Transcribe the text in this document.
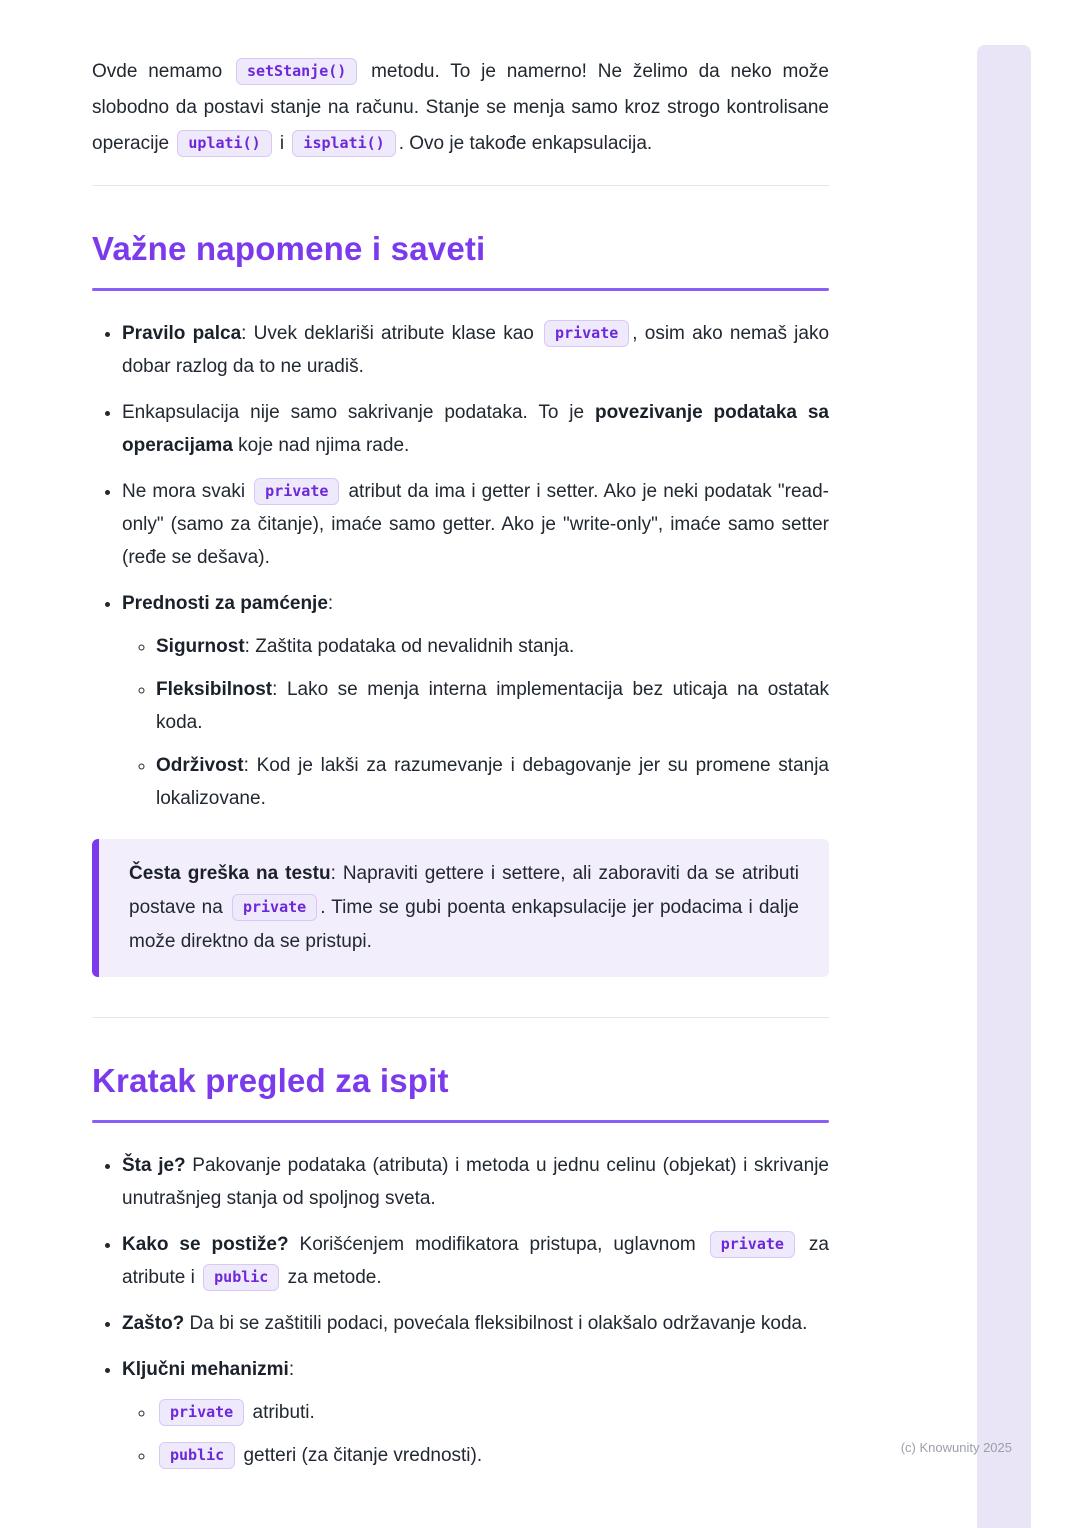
Ovde nemamo setStanje() metodu. To je namerno! Ne želimo da neko može slobodno da postavi stanje na računu. Stanje se menja samo kroz strogo kontrolisane operacije uplati() i isplati() . Ovo je takođe enkapsulacija.

Važne napomene i saveti
• Pravilo palca: Uvek deklariši atribute klase kao private , osim ako nemaš jako dobar razlog da to ne uradiš.
• Enkapsulacija nije samo sakrivanje podataka. To je povezivanje podataka sa operacijama koje nad njima rade.
• Ne mora svaki private atribut da ima i getter i setter. Ako je neki podatak "read-only" (samo za čitanje), imaće samo getter. Ako je "write-only", imaće samo setter (ređe se dešava).
• Prednosti za pamćenje:
◦ Sigurnost: Zaštita podataka od nevalidnih stanja.
◦ Fleksibilnost: Lako se menja interna implementacija bez uticaja na ostatak koda.
◦ Održivost: Kod je lakši za razumevanje i debagovanje jer su promene stanja lokalizovane.

Česta greška na testu: Napraviti gettere i settere, ali zaboraviti da se atributi postave na private . Time se gubi poenta enkapsulacije jer podacima i dalje može direktno da se pristupi.

Kratak pregled za ispit
• Šta je? Pakovanje podataka (atributa) i metoda u jednu celinu (objekat) i skrivanje unutrašnjeg stanja od spoljnog sveta.
• Kako se postiže? Korišćenjem modifikatora pristupa, uglavnom private za atribute i public za metode.
• Zašto? Da bi se zaštitili podaci, povećala fleksibilnost i olakšalo održavanje koda.
• Ključni mehanizmi:
◦ private atributi.
◦ public getteri (za čitanje vrednosti).	(c) Knowunity 2025
